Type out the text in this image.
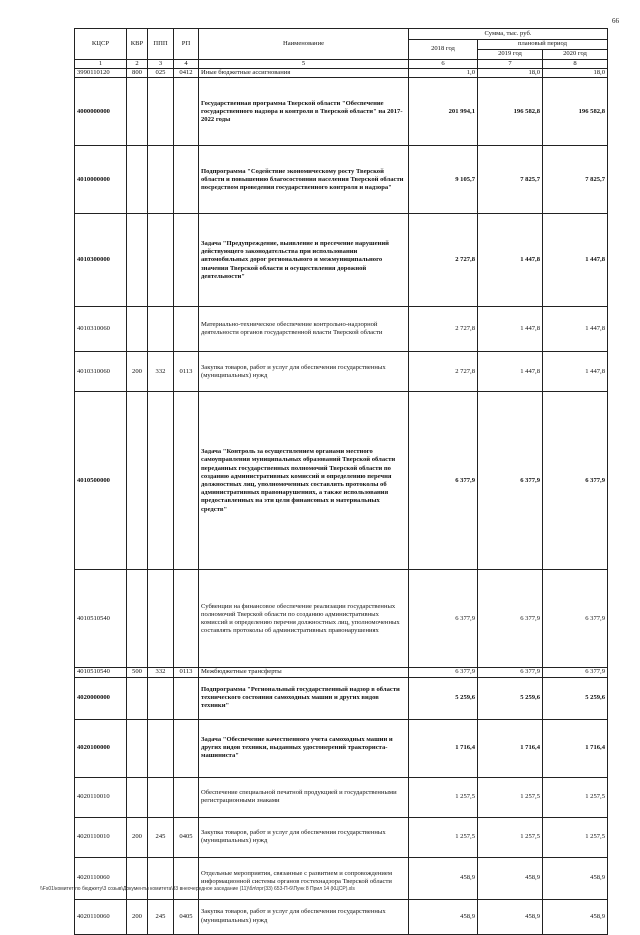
66
КЦСР	КВР	ППП	РП	Наименование	Сумма, тыс. руб.		
					2018 год	плановый период	
						2019 год	2020 год
1	2	3	4	5	6	7	8
3990110120	800	025	0412	Иные бюджетные ассигнования	1,0	18,0	18,0
4000000000				Государственная программа Тверской области "Обеспечение государственного надзора и контроля в Тверской области" на 2017-2022 годы	201 994,1	196 582,8	196 582,8
4010000000				Подпрограмма "Содействие экономическому росту Тверской области и повышению благосостояния населения Тверской области посредством проведения государственного контроля и надзора"	9 105,7	7 825,7	7 825,7
4010300000				Задача "Предупреждение, выявление и пресечение нарушений действующего законодательства при использовании автомобильных дорог регионального и межмуниципального значения Тверской области и осуществления дорожной деятельности"	2 727,8	1 447,8	1 447,8
4010310060				Материально-техническое обеспечение контрольно-надзорной деятельности органов государственной власти Тверской области	2 727,8	1 447,8	1 447,8
4010310060	200	332	0113	Закупка товаров, работ и услуг для обеспечения государственных (муниципальных) нужд	2 727,8	1 447,8	1 447,8
4010500000				Задача "Контроль за осуществлением органами местного самоуправления муниципальных образований Тверской области переданных государственных полномочий Тверской области по созданию административных комиссий и определению перечня должностных лиц, уполномоченных составлять протоколы об административных правонарушениях, а также использования предоставленных на эти цели финансовых и материальных средств"	6 377,9	6 377,9	6 377,9
4010510540				Субвенции на финансовое обеспечение реализации государственных полномочий Тверской области по созданию административных комиссий и определению перечня должностных лиц, уполномоченных составлять протоколы об административных правонарушениях	6 377,9	6 377,9	6 377,9
4010510540	500	332	0113	Межбюджетные трансферты	6 377,9	6 377,9	6 377,9
4020000000				Подпрограмма "Региональный государственный надзор в области технического состояния самоходных машин и других видов техники"	5 259,6	5 259,6	5 259,6
4020100000				Задача "Обеспечение качественного учета самоходных машин и других видов техники, выданных удостоверений тракториста-машиниста"	1 716,4	1 716,4	1 716,4
4020110010				Обеспечение специальной печатной продукцией и государственными регистрационными знаками	1 257,5	1 257,5	1 257,5
4020110010	200	245	0405	Закупка товаров, работ и услуг для обеспечения государственных (муниципальных) нужд	1 257,5	1 257,5	1 257,5
4020110060				Отдельные мероприятия, связанные с развитием и сопровождением информационной системы органов гостехнадзора Тверской области	458,9	458,9	458,9
4020110060	200	245	0405	Закупка товаров, работ и услуг для обеспечения государственных (муниципальных) нужд	458,9	458,9	458,9
\\Fs01\комитет по бюджету\3 созыв\Документы комитета\33 внеочередное заседание (11)\бл\прг(33) 653-П-6\Пунк 8 Прил 14 (КЦСР).xls
